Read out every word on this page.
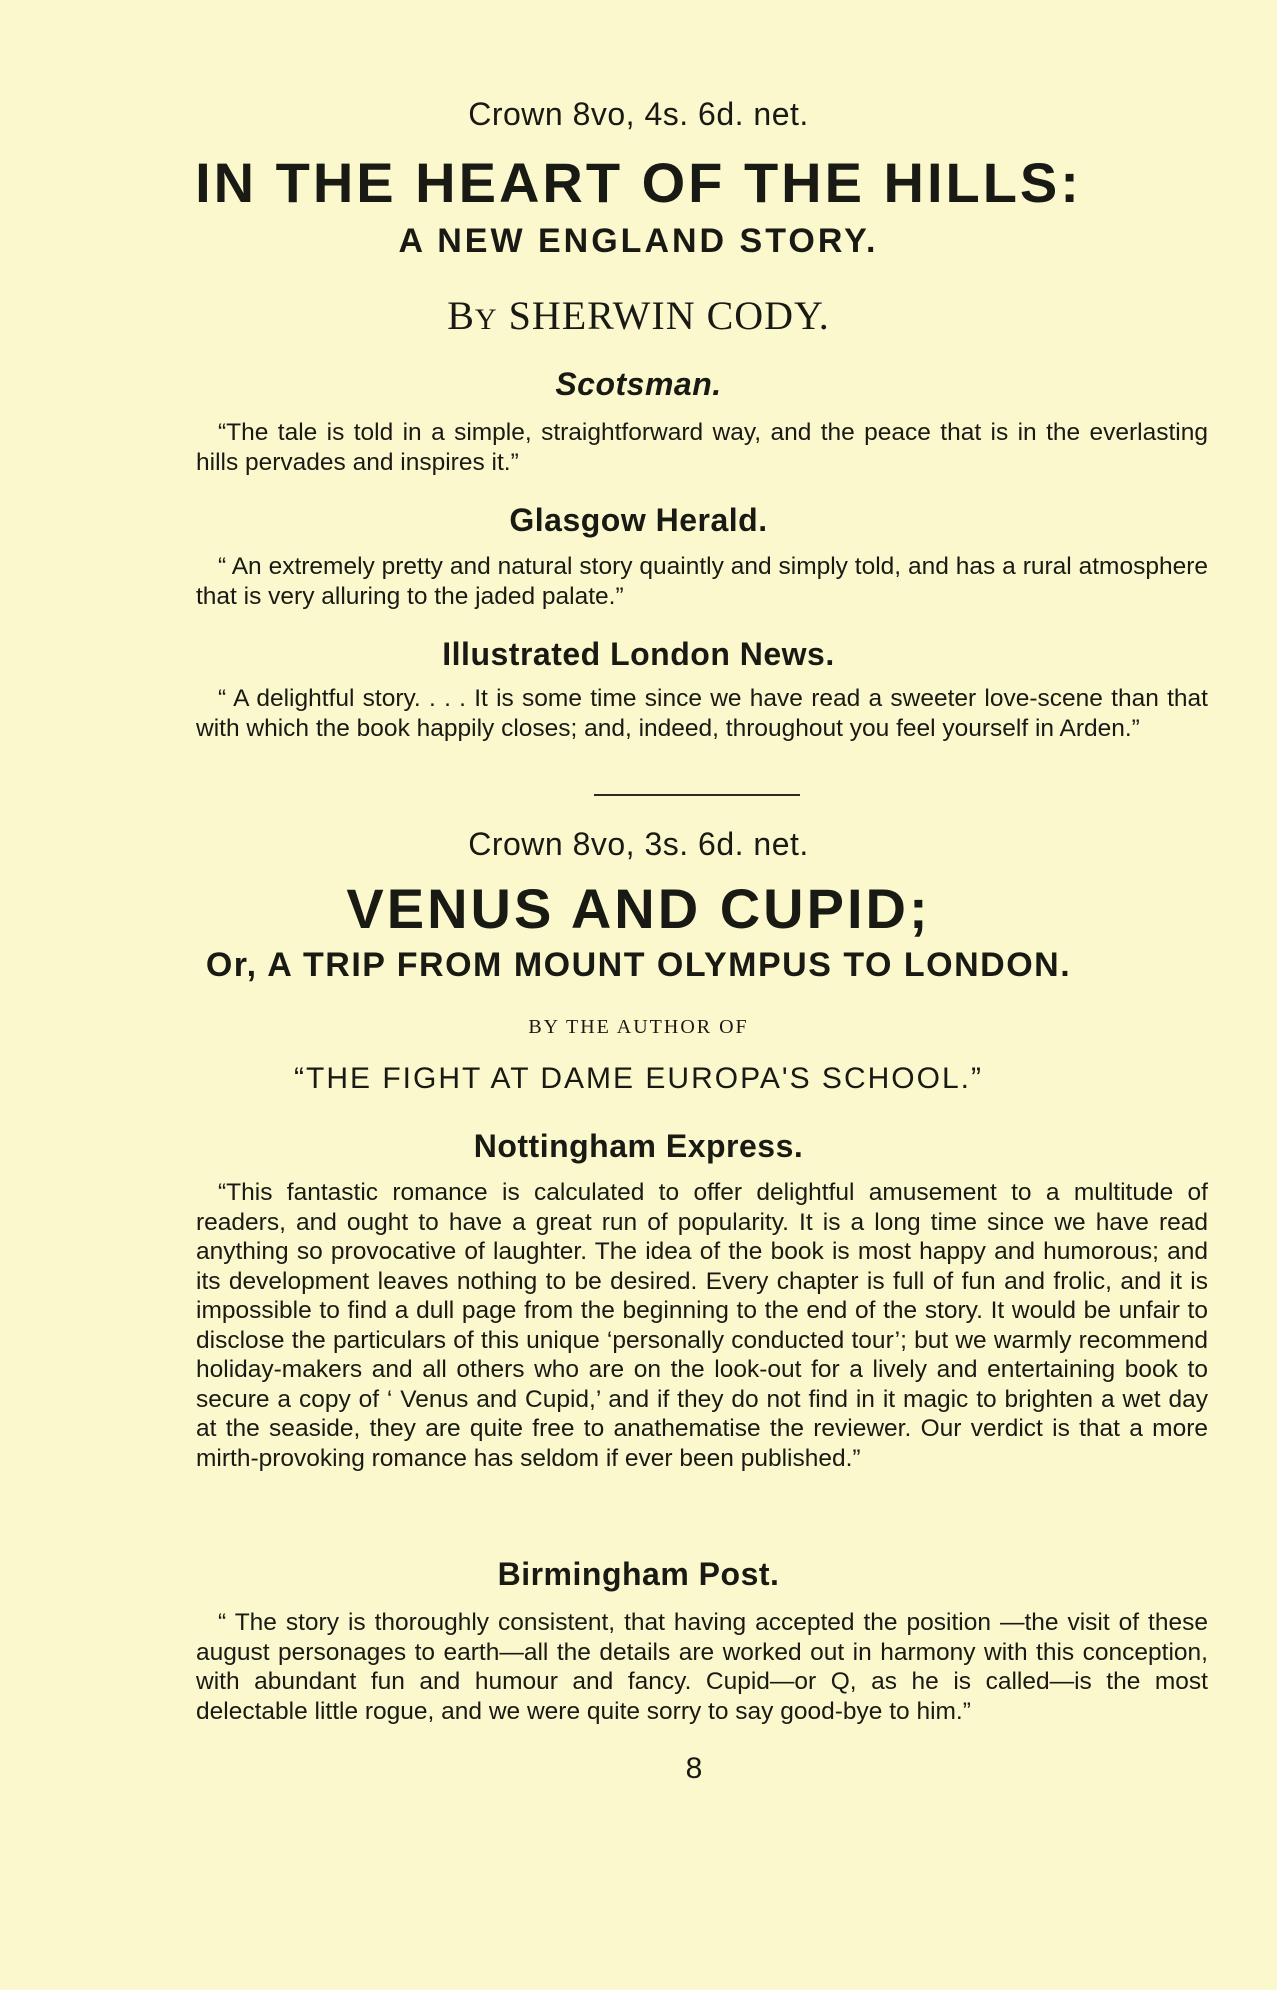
Crown 8vo, 4s. 6d. net.
IN THE HEART OF THE HILLS:
A NEW ENGLAND STORY.
BY SHERWIN CODY.
Scotsman.
“The tale is told in a simple, straightforward way, and the peace that is in the everlasting hills pervades and inspires it.”
Glasgow Herald.
“ An extremely pretty and natural story quaintly and simply told, and has a rural atmosphere that is very alluring to the jaded palate.”
Illustrated London News.
“ A delightful story. . . . It is some time since we have read a sweeter love-scene than that with which the book happily closes; and, indeed, throughout you feel yourself in Arden.”
Crown 8vo, 3s. 6d. net.
VENUS AND CUPID;
Or, A TRIP FROM MOUNT OLYMPUS TO LONDON.
BY THE AUTHOR OF
“THE FIGHT AT DAME EUROPA'S SCHOOL.”
Nottingham Express.
“This fantastic romance is calculated to offer delightful amusement to a multitude of readers, and ought to have a great run of popularity. It is a long time since we have read anything so provocative of laughter. The idea of the book is most happy and humorous; and its development leaves nothing to be desired. Every chapter is full of fun and frolic, and it is impossible to find a dull page from the beginning to the end of the story. It would be unfair to disclose the particulars of this unique ‘personally conducted tour’; but we warmly recommend holiday-makers and all others who are on the look-out for a lively and entertaining book to secure a copy of ‘ Venus and Cupid,’ and if they do not find in it magic to brighten a wet day at the seaside, they are quite free to anathematise the reviewer. Our verdict is that a more mirth-provoking romance has seldom if ever been published.”
Birmingham Post.
“ The story is thoroughly consistent, that having accepted the position —the visit of these august personages to earth—all the details are worked out in harmony with this conception, with abundant fun and humour and fancy. Cupid—or Q, as he is called—is the most delectable little rogue, and we were quite sorry to say good-bye to him.”
8
